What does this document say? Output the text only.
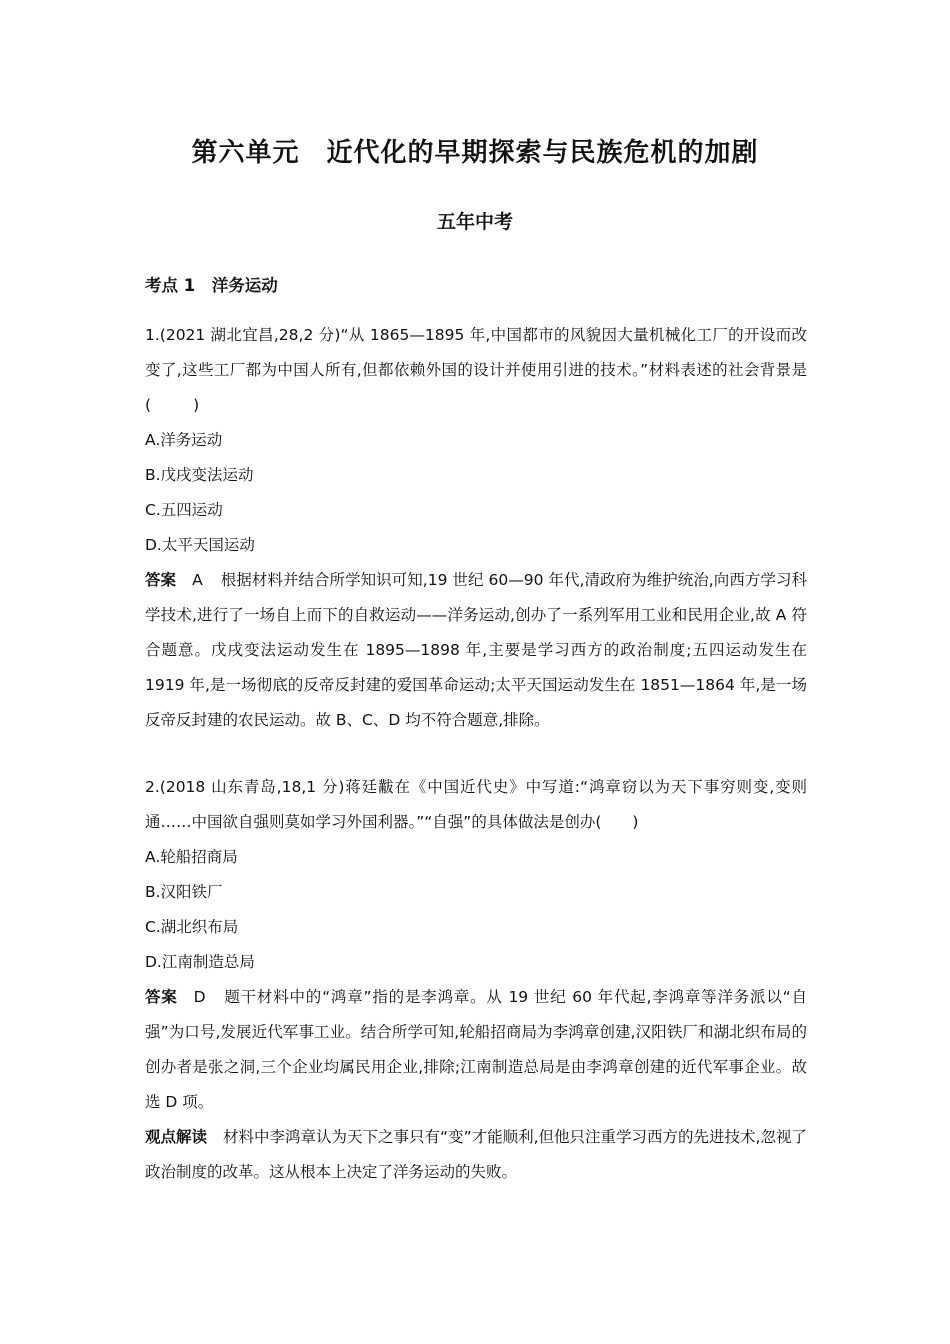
第六单元　近代化的早期探索与民族危机的加剧
五年中考
考点 1　洋务运动

1.(2021 湖北宜昌,28,2 分)“从 1865—1895 年,中国都市的风貌因大量机械化工厂的开设而改变了,这些工厂都为中国人所有,但都依赖外国的设计并使用引进的技术。”材料表述的社会背景是　(	)

A.洋务运动

B.戊戌变法运动

C.五四运动

D.太平天国运动

答案 A 根据材料并结合所学知识可知,19 世纪 60—90 年代,清政府为维护统治,向西方学习科学技术,进行了一场自上而下的自救运动——洋务运动,创办了一系列军用工业和民用企业,故 A 符合题意。戊戌变法运动发生在 1895—1898 年,主要是学习西方的政治制度;五四运动发生在 1919 年,是一场彻底的反帝反封建的爱国革命运动;太平天国运动发生在 1851—1864 年,是一场反帝反封建的农民运动。故 B、C、D 均不符合题意,排除。

2.(2018 山东青岛,18,1 分)蒋廷黻在《中国近代史》中写道:“鸿章窃以为天下事穷则变,变则通……中国欲自强则莫如学习外国利器。”“自强”的具体做法是创办(　　)

A.轮船招商局

B.汉阳铁厂

C.湖北织布局

D.江南制造总局

答案 D 题干材料中的“鸿章”指的是李鸿章。从 19 世纪 60 年代起,李鸿章等洋务派以“自强”为口号,发展近代军事工业。结合所学可知,轮船招商局为李鸿章创建,汉阳铁厂和湖北织布局的创办者是张之洞,三个企业均属民用企业,排除;江南制造总局是由李鸿章创建的近代军事企业。故选 D 项。

观点解读 材料中李鸿章认为天下之事只有“变”才能顺利,但他只注重学习西方的先进技术,忽视了政治制度的改革。这从根本上决定了洋务运动的失败。
